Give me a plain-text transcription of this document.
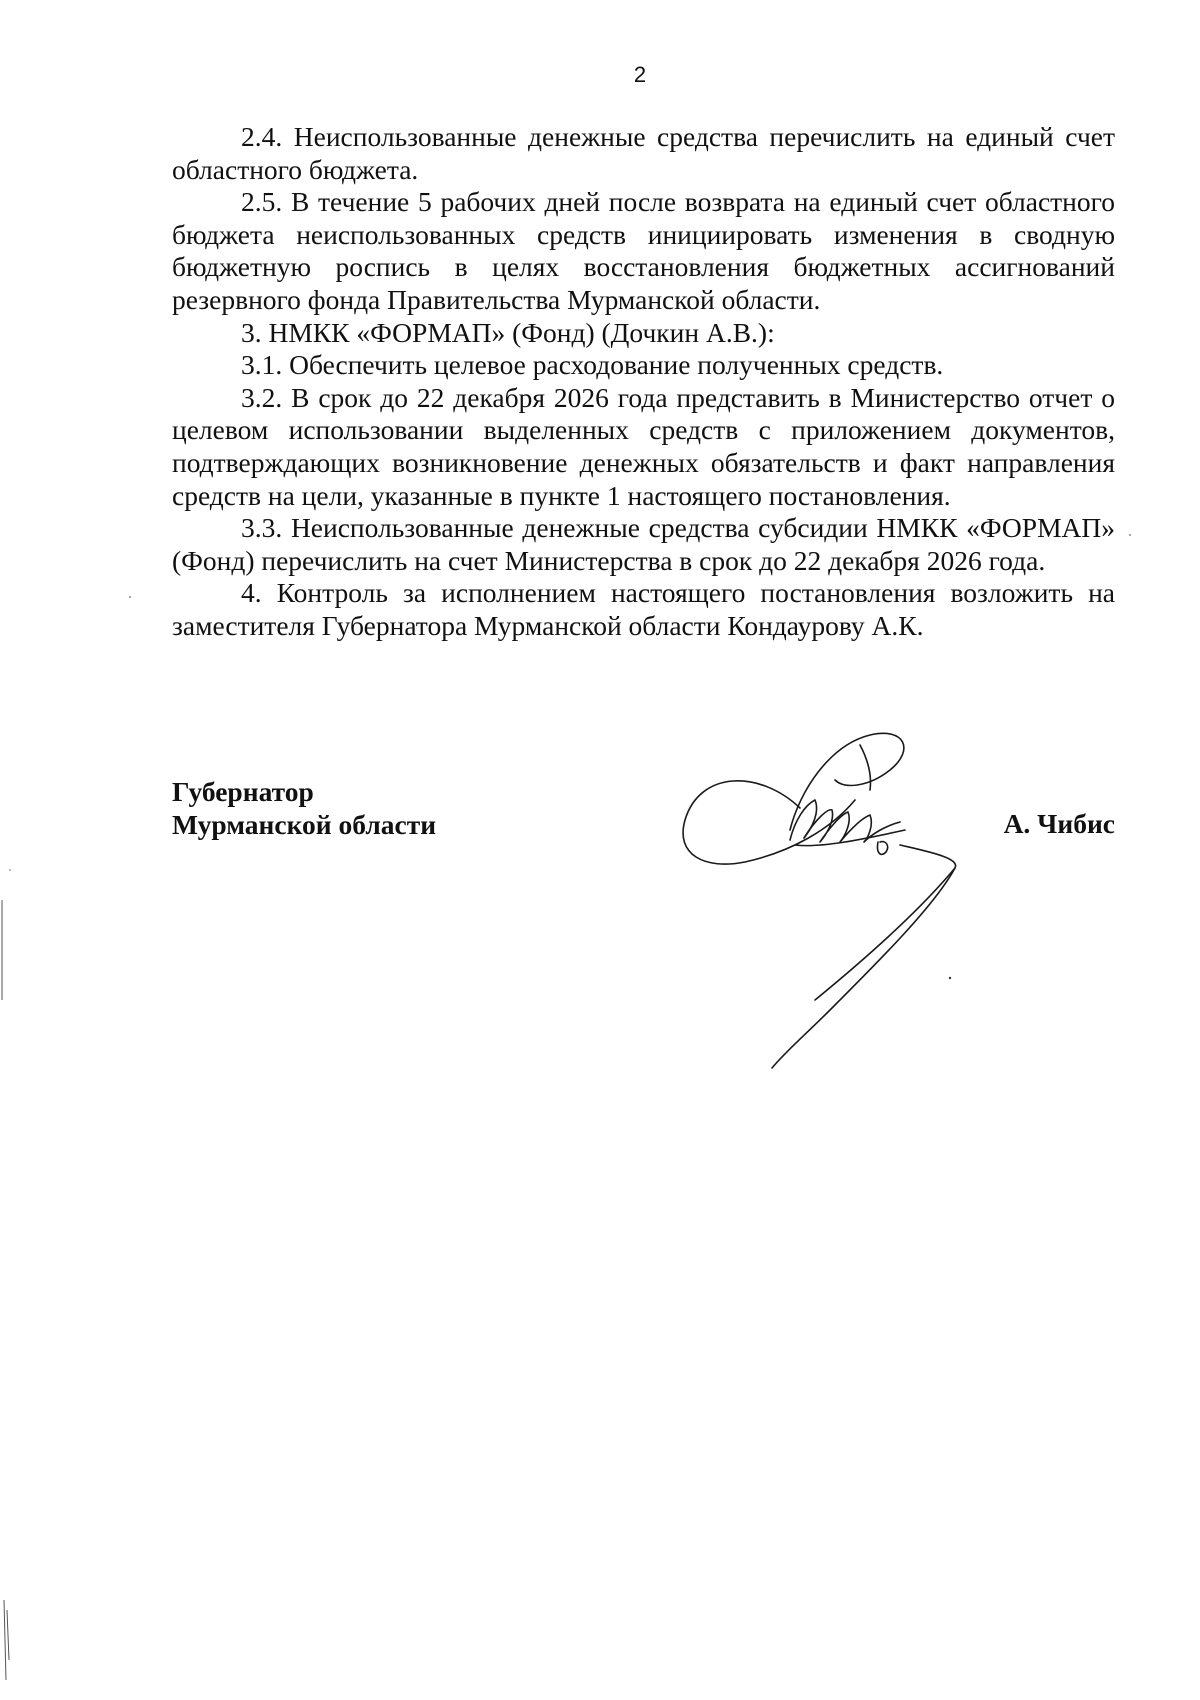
2

2.4. Неиспользованные денежные средства перечислить на единый счет областного бюджета.

2.5. В течение 5 рабочих дней после возврата на единый счет областного бюджета неиспользованных средств инициировать изменения в сводную бюджетную роспись в целях восстановления бюджетных ассигнований резервного фонда Правительства Мурманской области.

3. НМКК «ФОРМАП» (Фонд) (Дочкин А.В.):

3.1. Обеспечить целевое расходование полученных средств.

3.2. В срок до 22 декабря 2026 года представить в Министерство отчет о целевом использовании выделенных средств с приложением документов, подтверждающих возникновение денежных обязательств и факт направления средств на цели, указанные в пункте 1 настоящего постановления.

3.3. Неиспользованные денежные средства субсидии НМКК «ФОРМАП» (Фонд) перечислить на счет Министерства в срок до 22 декабря 2026 года.

4. Контроль за исполнением настоящего постановления возложить на заместителя Губернатора Мурманской области Кондаурову А.К.

Губернатор
Мурманской области	А. Чибис
